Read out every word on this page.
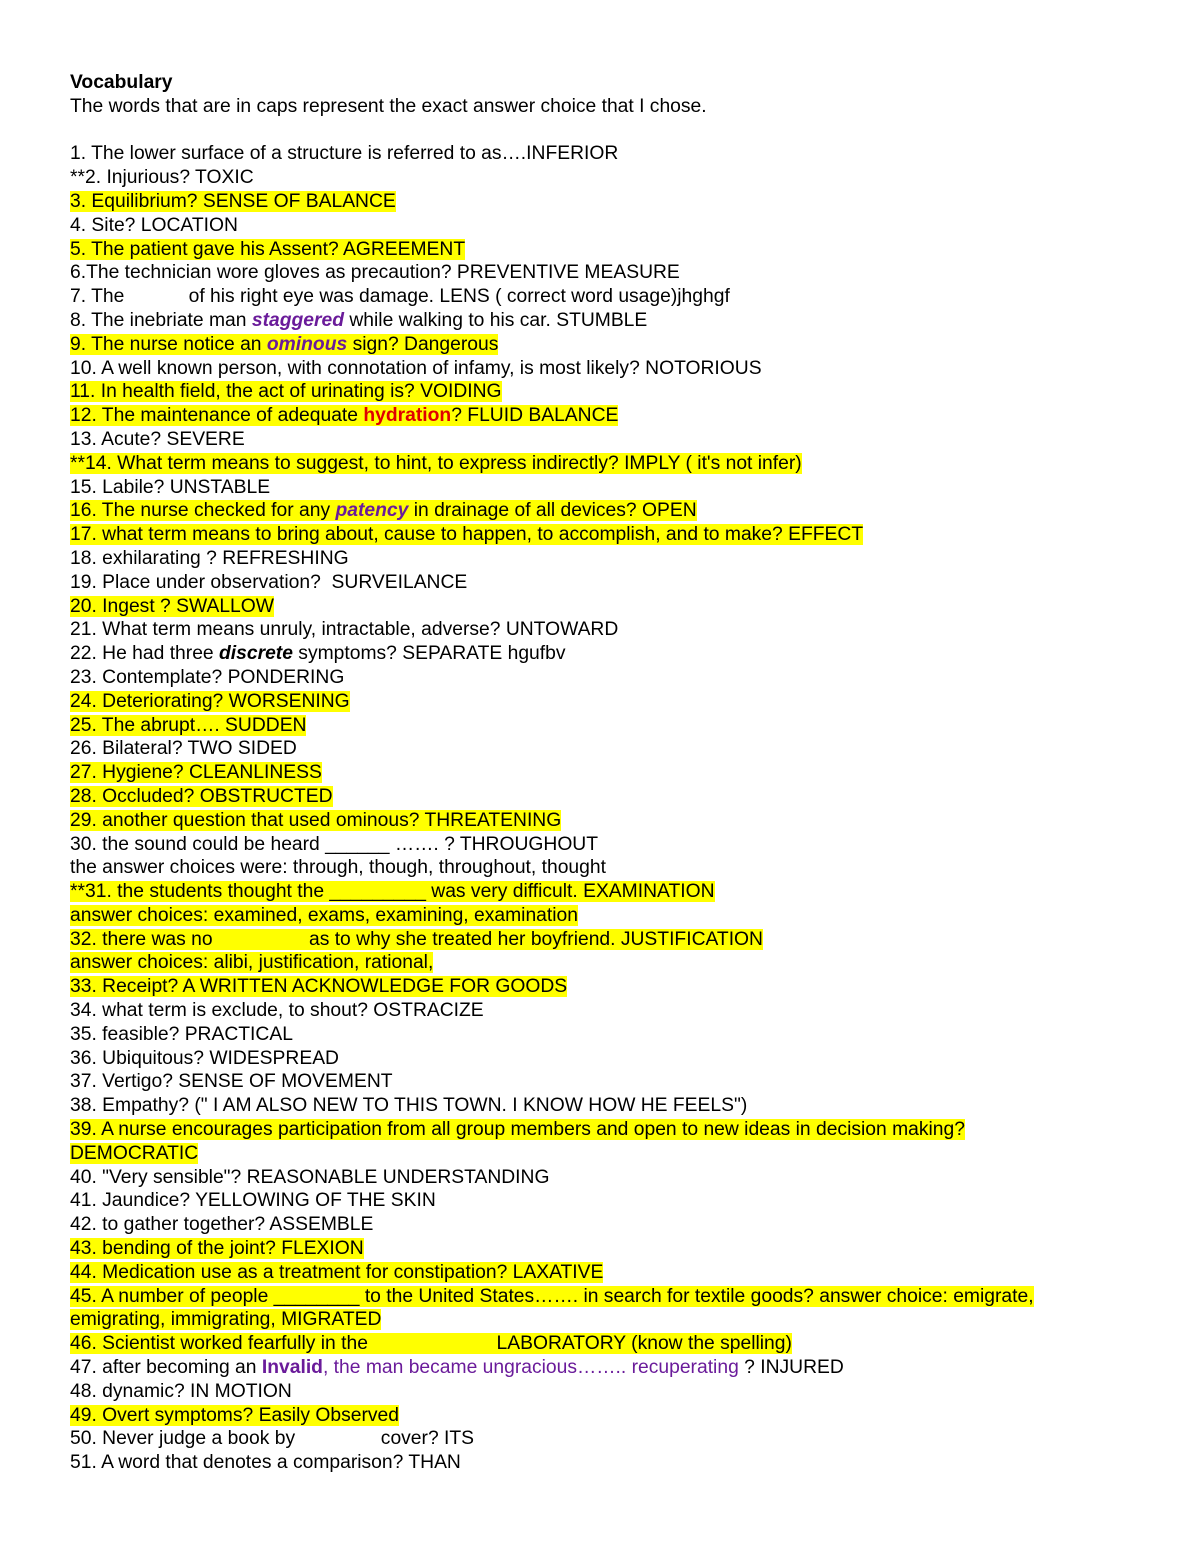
Vocabulary
The words that are in caps represent the exact answer choice that I chose.
1. The lower surface of a structure is referred to as….INFERIOR
**2. Injurious? TOXIC
3. Equilibrium? SENSE OF BALANCE
4. Site? LOCATION
5. The patient gave his Assent? AGREEMENT
6.The technician wore gloves as precaution? PREVENTIVE MEASURE
7. The            of his right eye was damage. LENS ( correct word usage)jhghgf
8. The inebriate man staggered while walking to his car. STUMBLE
9. The nurse notice an ominous sign? Dangerous
10. A well known person, with connotation of infamy, is most likely? NOTORIOUS
11. In health field, the act of urinating is? VOIDING
12. The maintenance of adequate hydration? FLUID BALANCE
13. Acute? SEVERE
**14. What term means to suggest, to hint, to express indirectly? IMPLY ( it's not infer)
15. Labile? UNSTABLE
16. The nurse checked for any patency in drainage of all devices? OPEN
17. what term means to bring about, cause to happen, to accomplish, and to make? EFFECT
18. exhilarating ? REFRESHING
19. Place under observation?  SURVEILANCE
20. Ingest ? SWALLOW
21. What term means unruly, intractable, adverse? UNTOWARD
22. He had three discrete symptoms? SEPARATE hgufbv
23. Contemplate? PONDERING
24. Deteriorating? WORSENING
25. The abrupt…. SUDDEN
26. Bilateral? TWO SIDED
27. Hygiene? CLEANLINESS
28. Occluded? OBSTRUCTED
29. another question that used ominous? THREATENING
30. the sound could be heard ______ ……. ? THROUGHOUT
the answer choices were: through, though, throughout, thought
**31. the students thought the _________ was very difficult. EXAMINATION
answer choices: examined, exams, examining, examination
32. there was no                  as to why she treated her boyfriend. JUSTIFICATION
answer choices: alibi, justification, rational,
33. Receipt? A WRITTEN ACKNOWLEDGE FOR GOODS
34. what term is exclude, to shout? OSTRACIZE
35. feasible? PRACTICAL
36. Ubiquitous? WIDESPREAD
37. Vertigo? SENSE OF MOVEMENT
38. Empathy? (" I AM ALSO NEW TO THIS TOWN. I KNOW HOW HE FEELS")
39. A nurse encourages participation from all group members and open to new ideas in decision making?
DEMOCRATIC
40. "Very sensible"? REASONABLE UNDERSTANDING
41. Jaundice? YELLOWING OF THE SKIN
42. to gather together? ASSEMBLE
43. bending of the joint? FLEXION
44. Medication use as a treatment for constipation? LAXATIVE
45. A number of people ________ to the United States……. in search for textile goods? answer choice: emigrate,
emigrating, immigrating, MIGRATED
46. Scientist worked fearfully in the                        LABORATORY (know the spelling)
47. after becoming an Invalid, the man became ungracious…….. recuperating ? INJURED
48. dynamic? IN MOTION
49. Overt symptoms? Easily Observed
50. Never judge a book by                cover? ITS
51. A word that denotes a comparison? THAN
